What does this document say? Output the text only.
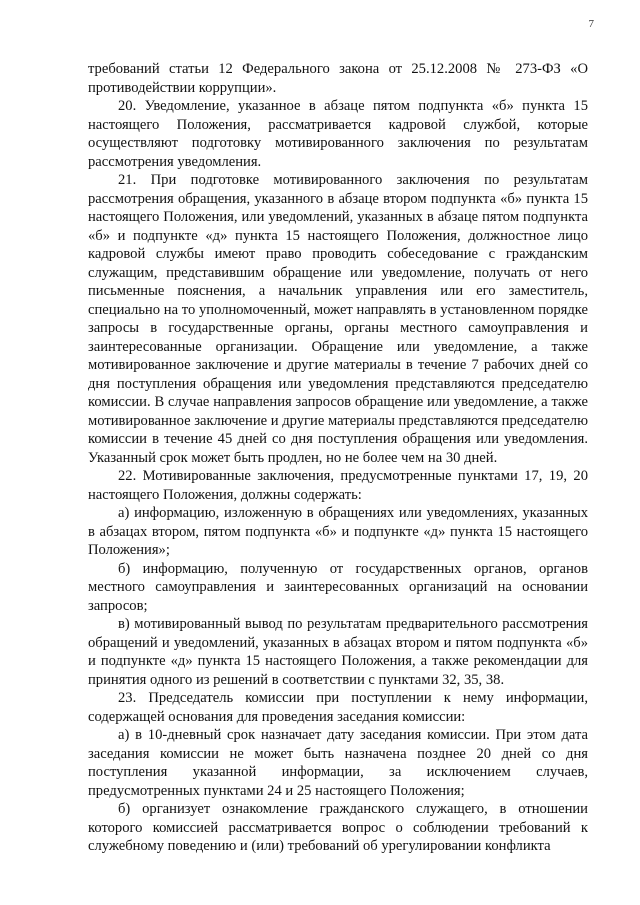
7

требований статьи 12 Федерального закона от 25.12.2008 № 273-ФЗ «О противодействии коррупции».

20. Уведомление, указанное в абзаце пятом подпункта «б» пункта 15 настоящего Положения, рассматривается кадровой службой, которые осуществляют подготовку мотивированного заключения по результатам рассмотрения уведомления.

21. При подготовке мотивированного заключения по результатам рассмотрения обращения, указанного в абзаце втором подпункта «б» пункта 15 настоящего Положения, или уведомлений, указанных в абзаце пятом подпункта «б» и подпункте «д» пункта 15 настоящего Положения, должностное лицо кадровой службы имеют право проводить собеседование с гражданским служащим, представившим обращение или уведомление, получать от него письменные пояснения, а начальник управления или его заместитель, специально на то уполномоченный, может направлять в установленном порядке запросы в государственные органы, органы местного самоуправления и заинтересованные организации. Обращение или уведомление, а также мотивированное заключение и другие материалы в течение 7 рабочих дней со дня поступления обращения или уведомления представляются председателю комиссии. В случае направления запросов обращение или уведомление, а также мотивированное заключение и другие материалы представляются председателю комиссии в течение 45 дней со дня поступления обращения или уведомления. Указанный срок может быть продлен, но не более чем на 30 дней.

22. Мотивированные заключения, предусмотренные пунктами 17, 19, 20 настоящего Положения, должны содержать:

а) информацию, изложенную в обращениях или уведомлениях, указанных в абзацах втором, пятом подпункта «б» и подпункте «д» пункта 15 настоящего Положения»;

б) информацию, полученную от государственных органов, органов местного самоуправления и заинтересованных организаций на основании запросов;

в) мотивированный вывод по результатам предварительного рассмотрения обращений и уведомлений, указанных в абзацах втором и пятом подпункта «б» и подпункте «д» пункта 15 настоящего Положения, а также рекомендации для принятия одного из решений в соответствии с пунктами 32, 35, 38.

23. Председатель комиссии при поступлении к нему информации, содержащей основания для проведения заседания комиссии:

а) в 10-дневный срок назначает дату заседания комиссии. При этом дата заседания комиссии не может быть назначена позднее 20 дней со дня поступления указанной информации, за исключением случаев, предусмотренных пунктами 24 и 25 настоящего Положения;

б) организует ознакомление гражданского служащего, в отношении которого комиссией рассматривается вопрос о соблюдении требований к служебному поведению и (или) требований об урегулировании конфликта
